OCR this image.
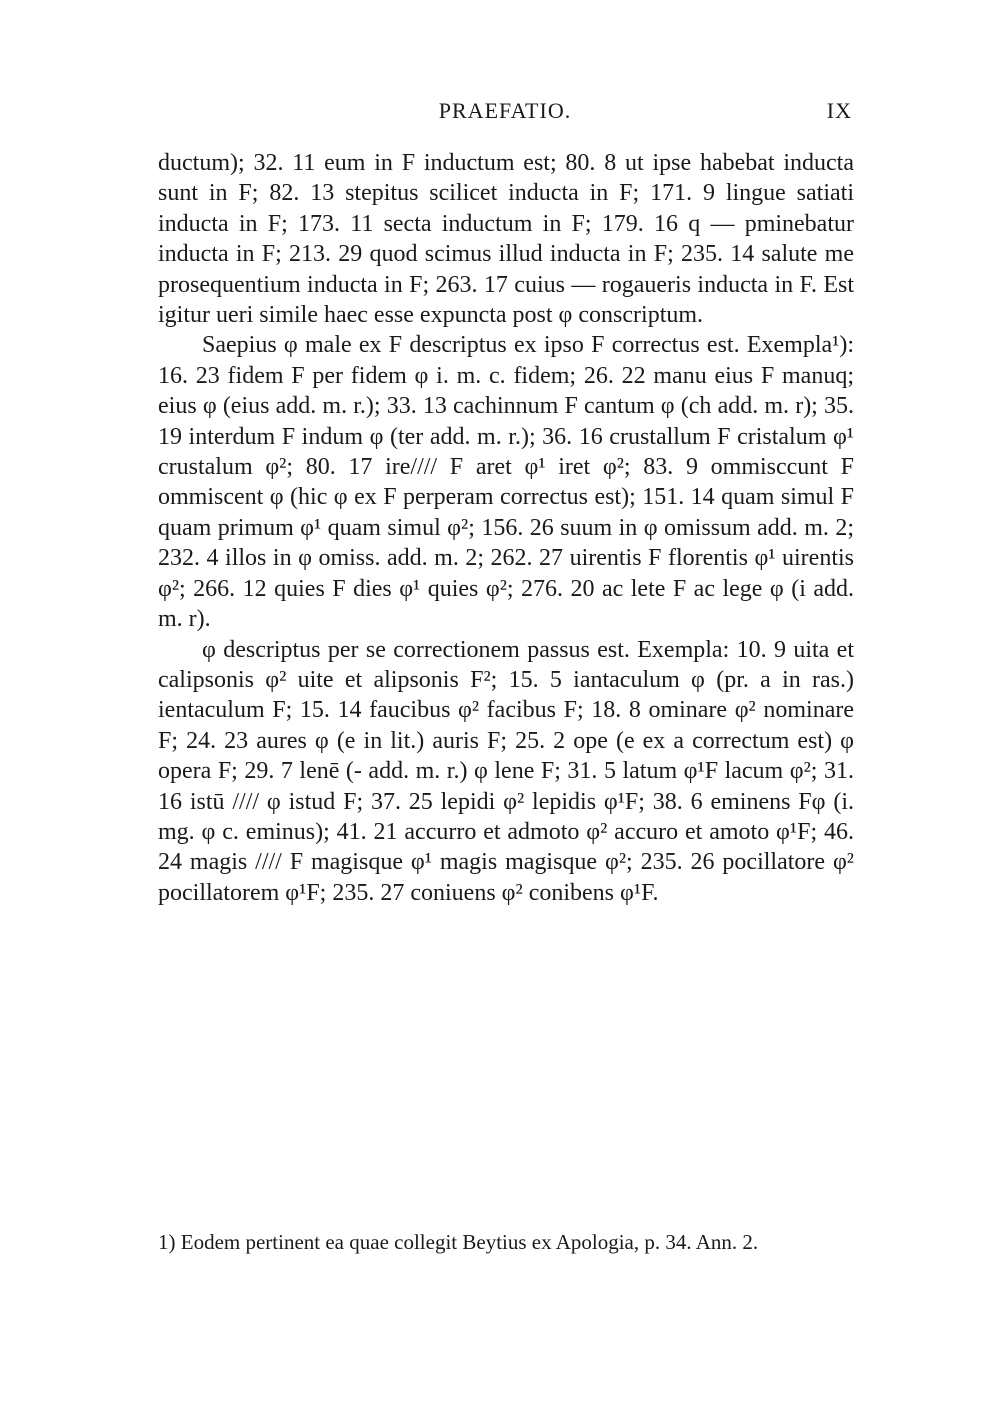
PRAEFATIO.	IX

ductum); 32. 11 eum in F inductum est; 80. 8 ut ipse habebat inducta sunt in F; 82. 13 stepitus scilicet inducta in F; 171. 9 lingue satiati inducta in F; 173. 11 secta inductum in F; 179. 16 q — pminebatur inducta in F; 213. 29 quod scimus illud inducta in F; 235. 14 salute me prosequentium inducta in F; 263. 17 cuius — rogaueris inducta in F. Est igitur ueri simile haec esse expuncta post φ conscriptum.

Saepius φ male ex F descriptus ex ipso F correctus est. Exempla¹): 16. 23 fidem F per fidem φ i. m. c. fidem; 26. 22 manu eius F manuq; eius φ (eius add. m. r.); 33. 13 cachinnum F cantum φ (ch add. m. r); 35. 19 interdum F indum φ (ter add. m. r.); 36. 16 crustallum F cristalum φ¹ crustalum φ²; 80. 17 ire//// F aret φ¹ iret φ²; 83. 9 ommisccunt F ommiscent φ (hic φ ex F perperam correctus est); 151. 14 quam simul F quam primum φ¹ quam simul φ²; 156. 26 suum in φ omissum add. m. 2; 232. 4 illos in φ omiss. add. m. 2; 262. 27 uirentis F florentis φ¹ uirentis φ²; 266. 12 quies F dies φ¹ quies φ²; 276. 20 ac lete F ac lege φ (i add. m. r).

φ descriptus per se correctionem passus est. Exempla: 10. 9 uita et calipsonis φ² uite et alipsonis F²; 15. 5 iantaculum φ (pr. a in ras.) ientaculum F; 15. 14 faucibus φ² facibus F; 18. 8 ominare φ² nominare F; 24. 23 aures φ (e in lit.) auris F; 25. 2 ope (e ex a correctum est) φ opera F; 29. 7 lenē (- add. m. r.) φ lene F; 31. 5 latum φ¹F lacum φ²; 31. 16 istū //// φ istud F; 37. 25 lepidi φ² lepidis φ¹F; 38. 6 eminens Fφ (i. mg. φ c. eminus); 41. 21 accurro et admoto φ² accuro et amoto φ¹F; 46. 24 magis //// F magisque φ¹ magis magisque φ²; 235. 26 pocillatore φ² pocillatorem φ¹F; 235. 27 coniuens φ² conibens φ¹F.

1) Eodem pertinent ea quae collegit Beytius ex Apologia, p. 34. Ann. 2.
